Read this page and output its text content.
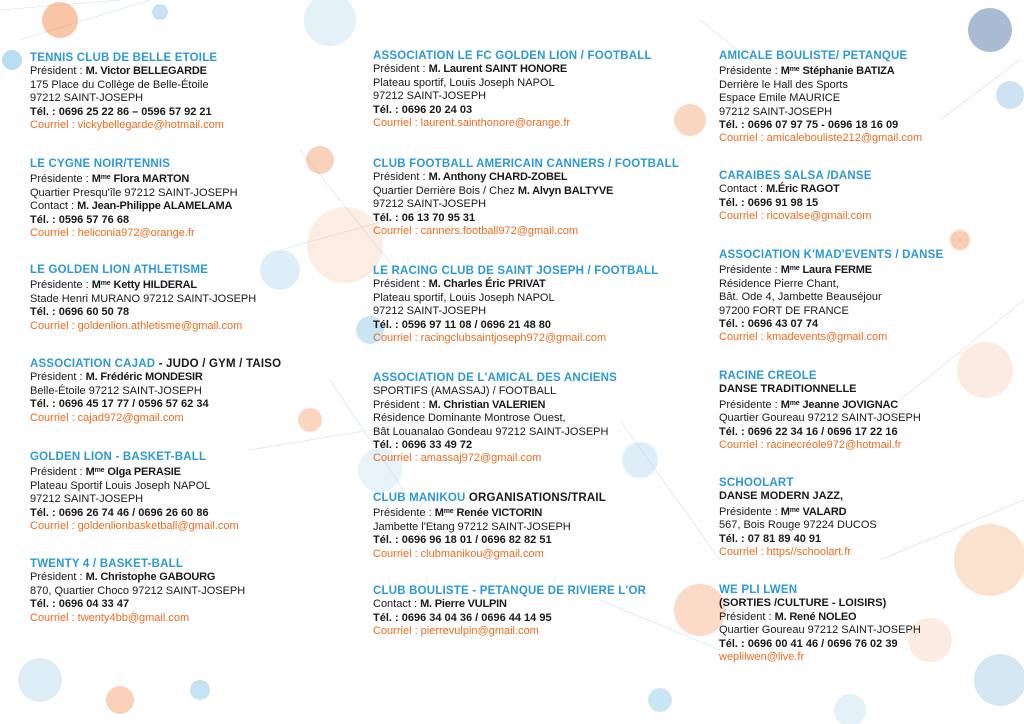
TENNIS CLUB DE BELLE ETOILE
Président : M. Victor BELLEGARDE
175 Place du Collège de Belle-Étoile
97212 SAINT-JOSEPH
Tél. : 0696 25 22 86 – 0596 57 92 21
Courriel : vickybellegarde@hotmail.com
LE CYGNE NOIR/TENNIS
Présidente : $M^{me}$ Flora MARTON
Quartier Presqu'île 97212 SAINT-JOSEPH
Contact : M. Jean-Philippe ALAMELAMA
Tél. : 0596 57 76 68
Courriel : heliconia972@orange.fr
LE GOLDEN LION ATHLETISME
Présidente : $M^{me}$ Ketty HILDERAL
Stade Henri MURANO 97212 SAINT-JOSEPH
Tél. : 0696 60 50 78
Courriel : goldenlion.athletisme@gmail.com
ASSOCIATION CAJAD - JUDO / GYM / TAISO
Président : M. Frédéric MONDESIR
Belle-Étoile 97212 SAINT-JOSEPH
Tél. : 0696 45 17 77 / 0596 57 62 34
Courriel : cajad972@gmail.com
GOLDEN LION - BASKET-BALL
Président : $M^{me}$ Olga PERASIE
Plateau Sportif Louis Joseph NAPOL
97212 SAINT-JOSEPH
Tél. : 0696 26 74 46 / 0696 26 60 86
Courriel : goldenlionbasketball@gmail.com
TWENTY 4 / BASKET-BALL
Président : M. Christophe GABOURG
870, Quartier Choco 97212 SAINT-JOSEPH
Tél. : 0696 04 33 47
Courriel : twenty4bb@gmail.com
ASSOCIATION LE FC GOLDEN LION / FOOTBALL
Président : M. Laurent SAINT HONORE
Plateau sportif, Louis Joseph NAPOL
97212 SAINT-JOSEPH
Tél. : 0696 20 24 03
Courriel : laurent.sainthonore@orange.fr
CLUB FOOTBALL AMERICAIN CANNERS / FOOTBALL
Président : M. Anthony CHARD-ZOBEL
Quartier Derrière Bois / Chez M. Alvyn BALTYVE
97212 SAINT-JOSEPH
Tél. : 06 13 70 95 31
Courriel : canners.football972@gmail.com
LE RACING CLUB DE SAINT JOSEPH / FOOTBALL
Président : M. Charles Éric PRIVAT
Plateau sportif, Louis Joseph NAPOL
97212 SAINT-JOSEPH
Tél. : 0596 97 11 08 / 0696 21 48 80
Courriel : racingclubsaintjoseph972@gmail.com
ASSOCIATION DE L'AMICAL DES ANCIENS
SPORTIFS (AMASSAJ) / FOOTBALL
Président : M. Christian VALERIEN
Résidence Dominante Montrose Ouest,
Bât Louanalao Gondeau 97212 SAINT-JOSEPH
Tél. : 0696 33 49 72
Courriel : amassaj972@gmail.com
CLUB MANIKOU ORGANISATIONS/TRAIL
Présidente : $M^{me}$ Renée VICTORIN
Jambette l'Etang 97212 SAINT-JOSEPH
Tél. : 0696 96 18 01 / 0696 82 82 51
Courriel : clubmanikou@gmail.com
CLUB BOULISTE - PETANQUE DE RIVIERE L'OR
Contact : M. Pierre VULPIN
Tél. : 0696 34 04 36 / 0696 44 14 95
Courriel : pierrevulpin@gmail.com
AMICALE BOULISTE/ PETANQUE
Présidente : $M^{me}$ Stéphanie BATIZA
Derrière le Hall des Sports
Espace Emile MAURICE
97212 SAINT-JOSEPH
Tél. : 0696 07 97 75 - 0696 18 16 09
Courriel : amicalebouliste212@gmail.com
CARAIBES SALSA /DANSE
Contact : M.Éric RAGOT
Tél. : 0696 91 98 15
Courriel : ricovalse@gmail.com
ASSOCIATION K'MAD'EVENTS / DANSE
Présidente : $M^{me}$ Laura FERME
Résidence Pierre Chant,
Bât. Ode 4, Jambette Beauséjour
97200 FORT DE FRANCE
Tél. : 0696 43 07 74
Courriel : kmadevents@gmail.com
RACINE CREOLE
DANSE TRADITIONNELLE
Présidente : $M^{me}$ Jeanne JOVIGNAC
Quartier Goureau 97212 SAINT-JOSEPH
Tél. : 0696 22 34 16 / 0696 17 22 16
Courriel : racinecréole972@hotmail.fr
SCHOOLART
DANSE MODERN JAZZ,
Présidente : $M^{me}$ VALARD
567, Bois Rouge 97224 DUCOS
Tél. : 07 81 89 40 91
Courriel : https//schoolart.fr
WE PLI LWEN
(SORTIES /CULTURE - LOISIRS)
Président : M. René NOLEO
Quartier Goureau 97212 SAINT-JOSEPH
Tél. : 0696 00 41 46 / 0696 76 02 39
weplilwen@live.fr
